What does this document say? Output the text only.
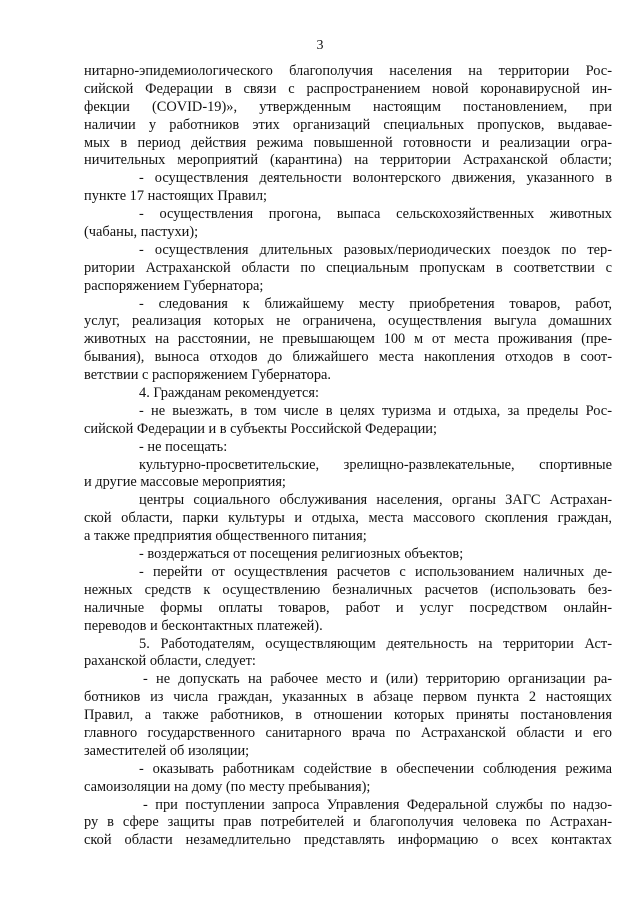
3
нитарно-эпидемиологического благополучия населения на территории Рос-
сийской Федерации в связи с распространением новой коронавирусной ин-
фекции (COVID-19)», утвержденным настоящим постановлением, при
наличии у работников этих организаций специальных пропусков, выдавае-
мых в период действия режима повышенной готовности и реализации огра-
ничительных мероприятий (карантина) на территории Астраханской области;
- осуществления деятельности волонтерского движения, указанного в
пункте 17 настоящих Правил;
- осуществления прогона, выпаса сельскохозяйственных животных
(чабаны, пастухи);
- осуществления длительных разовых/периодических поездок по тер-
ритории Астраханской области по специальным пропускам в соответствии с
распоряжением Губернатора;
- следования к ближайшему месту приобретения товаров, работ,
услуг, реализация которых не ограничена, осуществления выгула домашних
животных на расстоянии, не превышающем 100 м от места проживания (пре-
бывания), выноса отходов до ближайшего места накопления отходов в соот-
ветствии с распоряжением Губернатора.
4. Гражданам рекомендуется:
- не выезжать, в том числе в целях туризма и отдыха, за пределы Рос-
сийской Федерации и в субъекты Российской Федерации;
- не посещать:
культурно-просветительские, зрелищно-развлекательные, спортивные
и другие массовые мероприятия;
центры социального обслуживания населения, органы ЗАГС Астрахан-
ской области, парки культуры и отдыха, места массового скопления граждан,
а также предприятия общественного питания;
- воздержаться от посещения религиозных объектов;
- перейти от осуществления расчетов с использованием наличных де-
нежных средств к осуществлению безналичных расчетов (использовать без-
наличные формы оплаты товаров, работ и услуг посредством онлайн-
переводов и бесконтактных платежей).
5. Работодателям, осуществляющим деятельность на территории Аст-
раханской области, следует:
- не допускать на рабочее место и (или) территорию организации ра-
ботников из числа граждан, указанных в абзаце первом пункта 2 настоящих
Правил, а также работников, в отношении которых приняты постановления
главного государственного санитарного врача по Астраханской области и его
заместителей об изоляции;
- оказывать работникам содействие в обеспечении соблюдения режима
самоизоляции на дому (по месту пребывания);
- при поступлении запроса Управления Федеральной службы по надзо-
ру в сфере защиты прав потребителей и благополучия человека по Астрахан-
ской области незамедлительно представлять информацию о всех контактах
